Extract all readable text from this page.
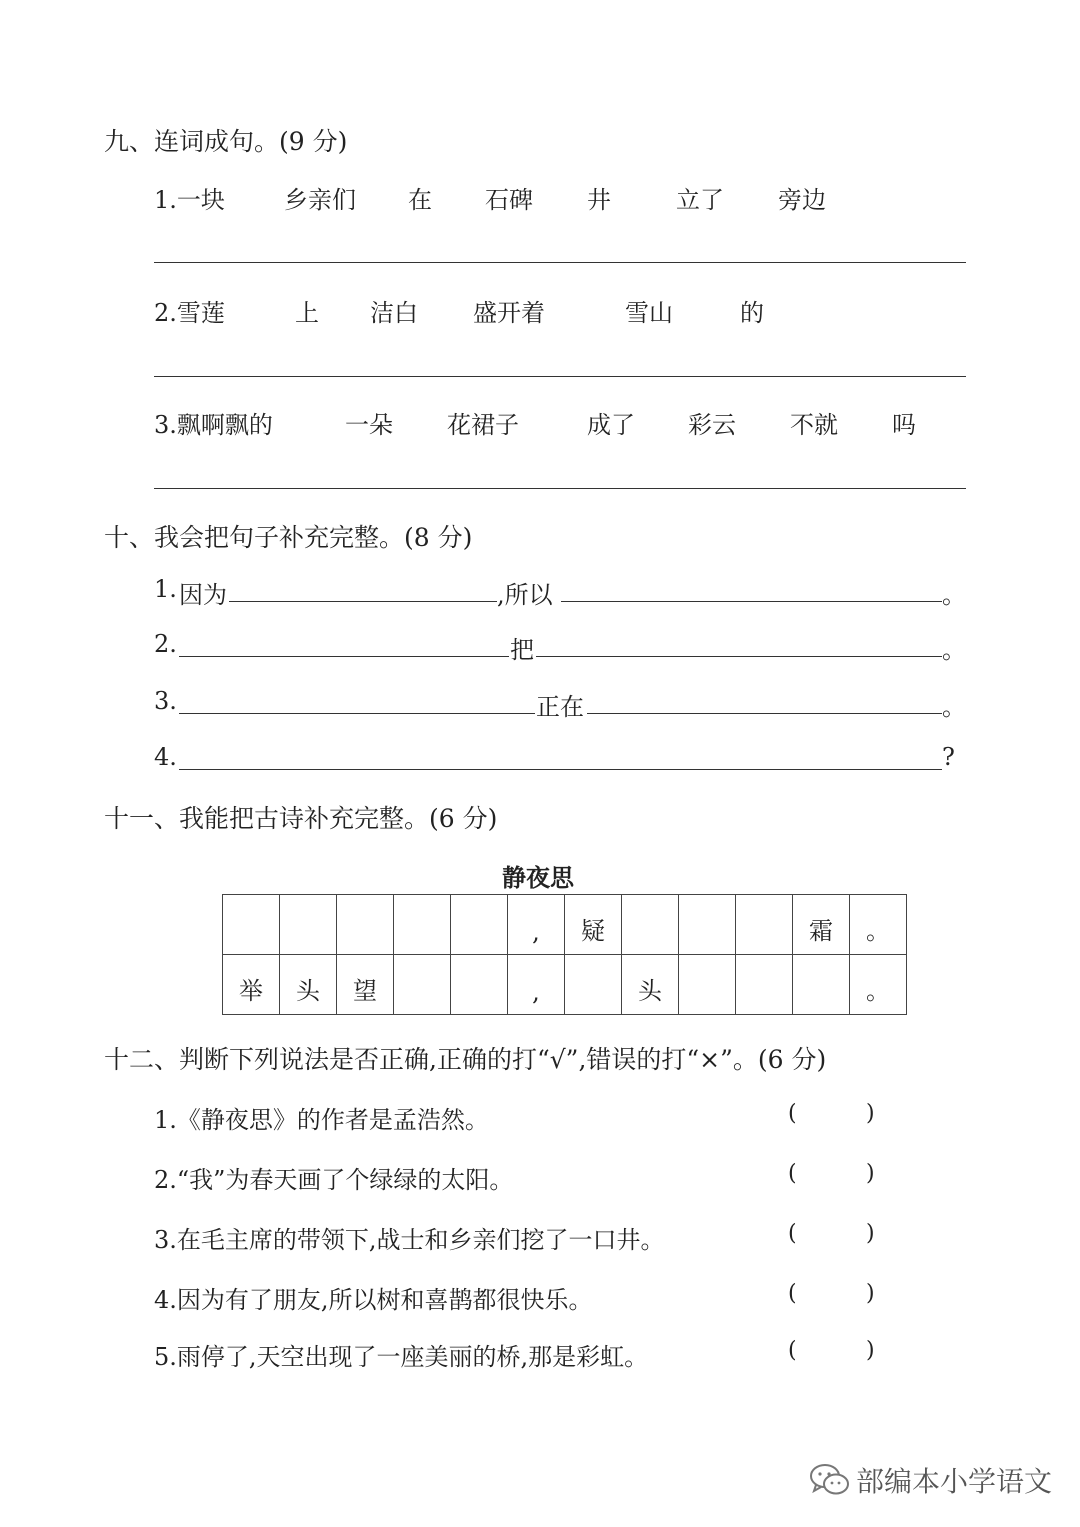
九、连词成句。(9 分)
1.一块 乡亲们 在 石碑 井	立了 旁边
2.雪莲	上 洁白 盛开着	雪山	的
3.飘啊飘的	一朵 花裙子	成了 彩云 不就 吗
十、我会把句子补充完整。(8 分)
1. 因为	,所以	。
2.	把	。
3.	正在	。
4.	?
十一、我能把古诗补充完整。(6 分)
静夜思
					,	疑				霜	。
举	头	望			,		头				。
十二、判断下列说法是否正确,正确的打“√”,错误的打“×”。(6 分)
1.《静夜思》的作者是孟浩然。	(	)
2.“我”为春天画了个绿绿的太阳。	(	)
3.在毛主席的带领下,战士和乡亲们挖了一口井。	(	)
4.因为有了朋友,所以树和喜鹊都很快乐。	(	)
5.雨停了,天空出现了一座美丽的桥,那是彩虹。	(	)
部编本小学语文
